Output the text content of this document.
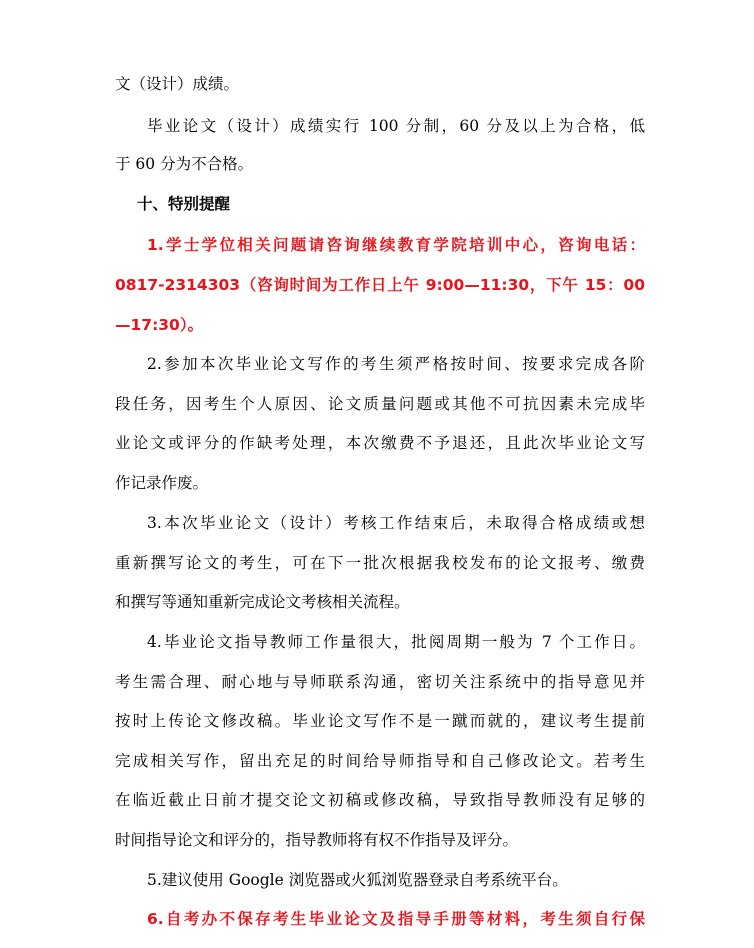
文（设计）成绩。
毕业论文（设计）成绩实行 100 分制，60 分及以上为合格，低
于 60 分为不合格。
十、特别提醒
1.学士学位相关问题请咨询继续教育学院培训中心，咨询电话：
0817-2314303（咨询时间为工作日上午 9:00—11:30，下午 15：00
—17:30）。
2.参加本次毕业论文写作的考生须严格按时间、按要求完成各阶
段任务，因考生个人原因、论文质量问题或其他不可抗因素未完成毕
业论文或评分的作缺考处理，本次缴费不予退还，且此次毕业论文写
作记录作废。
3.本次毕业论文（设计）考核工作结束后，未取得合格成绩或想
重新撰写论文的考生，可在下一批次根据我校发布的论文报考、缴费
和撰写等通知重新完成论文考核相关流程。
4.毕业论文指导教师工作量很大，批阅周期一般为 7 个工作日。
考生需合理、耐心地与导师联系沟通，密切关注系统中的指导意见并
按时上传论文修改稿。毕业论文写作不是一蹴而就的，建议考生提前
完成相关写作，留出充足的时间给导师指导和自己修改论文。若考生
在临近截止日前才提交论文初稿或修改稿，导致指导教师没有足够的
时间指导论文和评分的，指导教师将有权不作指导及评分。
5.建议使用 Google 浏览器或火狐浏览器登录自考系统平台。
6.自考办不保存考生毕业论文及指导手册等材料，考生须自行保
